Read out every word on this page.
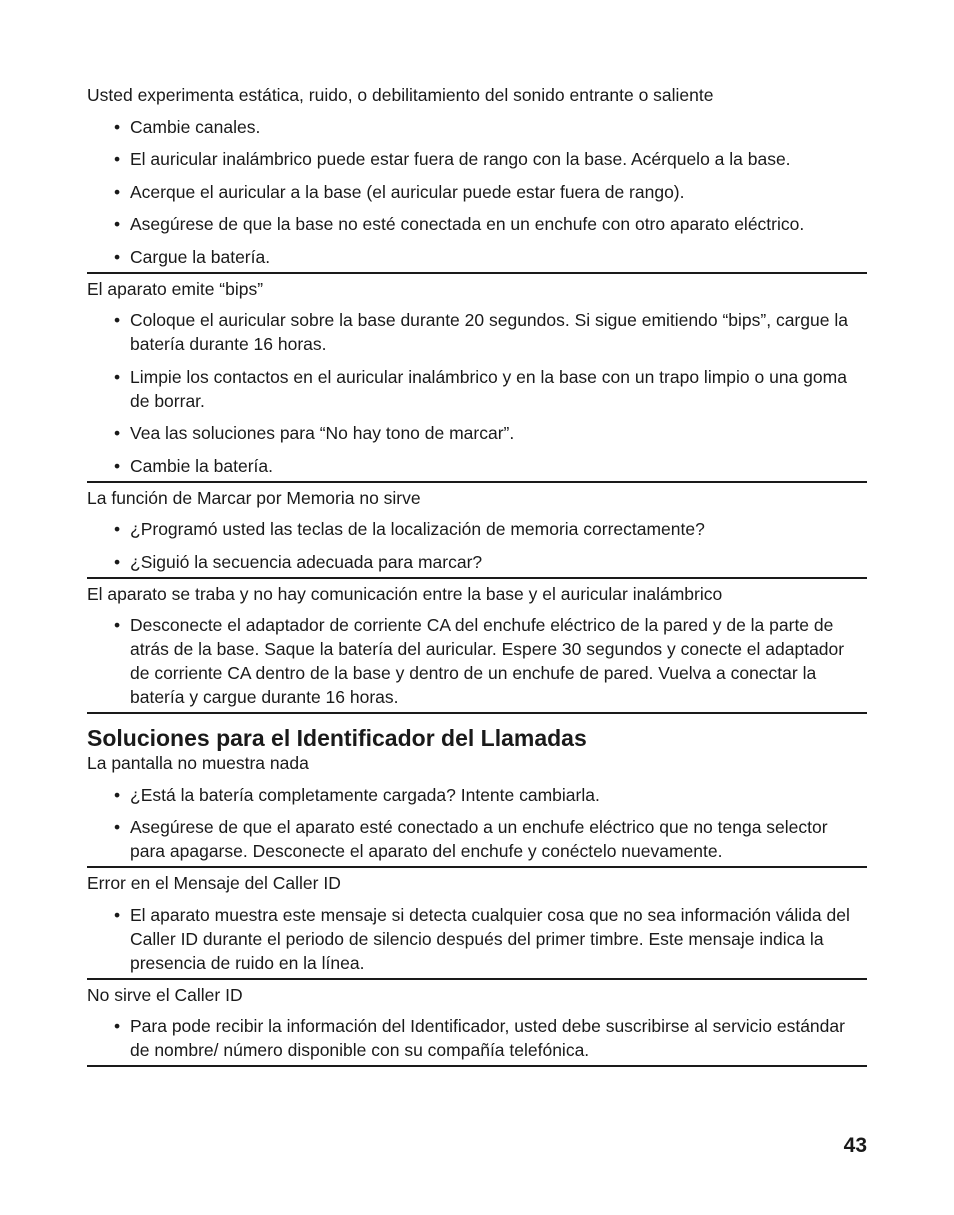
Usted experimenta estática, ruido, o debilitamiento del sonido entrante o saliente

• Cambie canales.
• El auricular inalámbrico puede estar fuera de rango con la base. Acérquelo a la base.
• Acerque el auricular a la base (el auricular puede estar fuera de rango).
• Asegúrese de que la base no esté conectada en un enchufe con otro aparato eléctrico.
• Cargue la batería.

El aparato emite “bips”

• Coloque el auricular sobre la base durante 20 segundos. Si sigue emitiendo “bips”, cargue la batería durante 16 horas.
• Limpie los contactos en el auricular inalámbrico y en la base con un trapo limpio o una goma de borrar.
• Vea las soluciones para “No hay tono de marcar”.
• Cambie la batería.

La función de Marcar por Memoria no sirve

• ¿Programó usted las teclas de la localización de memoria correctamente?
• ¿Siguió la secuencia adecuada para marcar?

El aparato se traba y no hay comunicación entre la base y el auricular inalámbrico

• Desconecte el adaptador de corriente CA del enchufe eléctrico de la pared y de la parte de atrás de la base. Saque la batería del auricular. Espere 30 segundos y conecte el adaptador de corriente CA dentro de la base y dentro de un enchufe de pared. Vuelva a conectar la batería y cargue durante 16 horas.
Soluciones para el Identificador del Llamadas

La pantalla no muestra nada

• ¿Está la batería completamente cargada? Intente cambiarla.
• Asegúrese de que el aparato esté conectado a un enchufe eléctrico que no tenga selector para apagarse. Desconecte el aparato del enchufe y conéctelo nuevamente.

Error en el Mensaje del Caller ID

• El aparato muestra este mensaje si detecta cualquier cosa que no sea información válida del Caller ID durante el periodo de silencio después del primer timbre. Este mensaje indica la presencia de ruido en la línea.

No sirve el Caller ID

• Para pode recibir la información del Identificador, usted debe suscribirse al servicio estándar de nombre/ número disponible con su compañía telefónica.
43
